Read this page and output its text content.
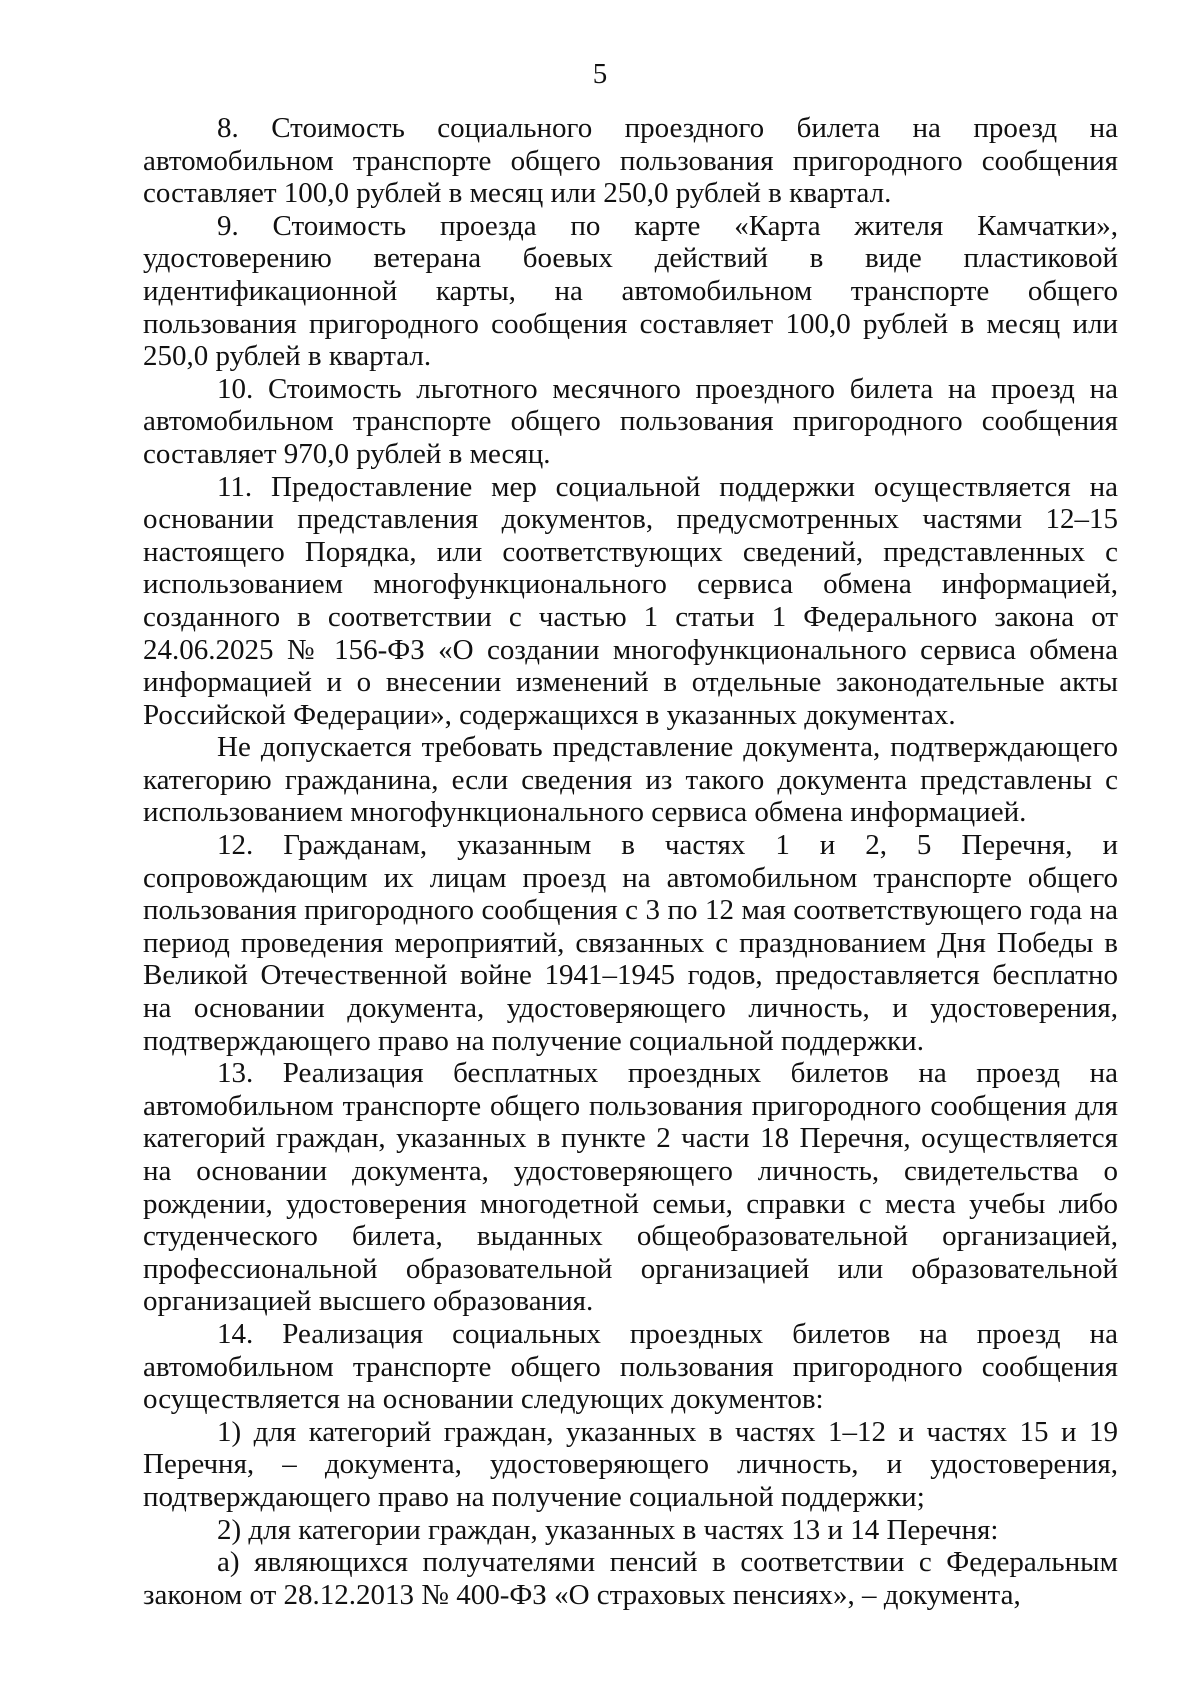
5

8. Стоимость социального проездного билета на проезд на автомобильном транспорте общего пользования пригородного сообщения составляет 100,0 рублей в месяц или 250,0 рублей в квартал.

9. Стоимость проезда по карте «Карта жителя Камчатки», удостоверению ветерана боевых действий в виде пластиковой идентификационной карты, на автомобильном транспорте общего пользования пригородного сообщения составляет 100,0 рублей в месяц или 250,0 рублей в квартал.

10. Стоимость льготного месячного проездного билета на проезд на автомобильном транспорте общего пользования пригородного сообщения составляет 970,0 рублей в месяц.

11. Предоставление мер социальной поддержки осуществляется на основании представления документов, предусмотренных частями 12–15 настоящего Порядка, или соответствующих сведений, представленных с использованием многофункционального сервиса обмена информацией, созданного в соответствии с частью 1 статьи 1 Федерального закона от 24.06.2025 № 156-ФЗ «О создании многофункционального сервиса обмена информацией и о внесении изменений в отдельные законодательные акты Российской Федерации», содержащихся в указанных документах.

Не допускается требовать представление документа, подтверждающего категорию гражданина, если сведения из такого документа представлены с использованием многофункционального сервиса обмена информацией.

12. Гражданам, указанным в частях 1 и 2, 5 Перечня, и сопровождающим их лицам проезд на автомобильном транспорте общего пользования пригородного сообщения с 3 по 12 мая соответствующего года на период проведения мероприятий, связанных с празднованием Дня Победы в Великой Отечественной войне 1941–1945 годов, предоставляется бесплатно на основании документа, удостоверяющего личность, и удостоверения, подтверждающего право на получение социальной поддержки.

13. Реализация бесплатных проездных билетов на проезд на автомобильном транспорте общего пользования пригородного сообщения для категорий граждан, указанных в пункте 2 части 18 Перечня, осуществляется на основании документа, удостоверяющего личность, свидетельства о рождении, удостоверения многодетной семьи, справки с места учебы либо студенческого билета, выданных общеобразовательной организацией, профессиональной образовательной организацией или образовательной организацией высшего образования.

14. Реализация социальных проездных билетов на проезд на автомобильном транспорте общего пользования пригородного сообщения осуществляется на основании следующих документов:

1) для категорий граждан, указанных в частях 1–12 и частях 15 и 19 Перечня, – документа, удостоверяющего личность, и удостоверения, подтверждающего право на получение социальной поддержки;

2) для категории граждан, указанных в частях 13 и 14 Перечня:

а) являющихся получателями пенсий в соответствии с Федеральным законом от 28.12.2013 № 400-ФЗ «О страховых пенсиях», – документа,
